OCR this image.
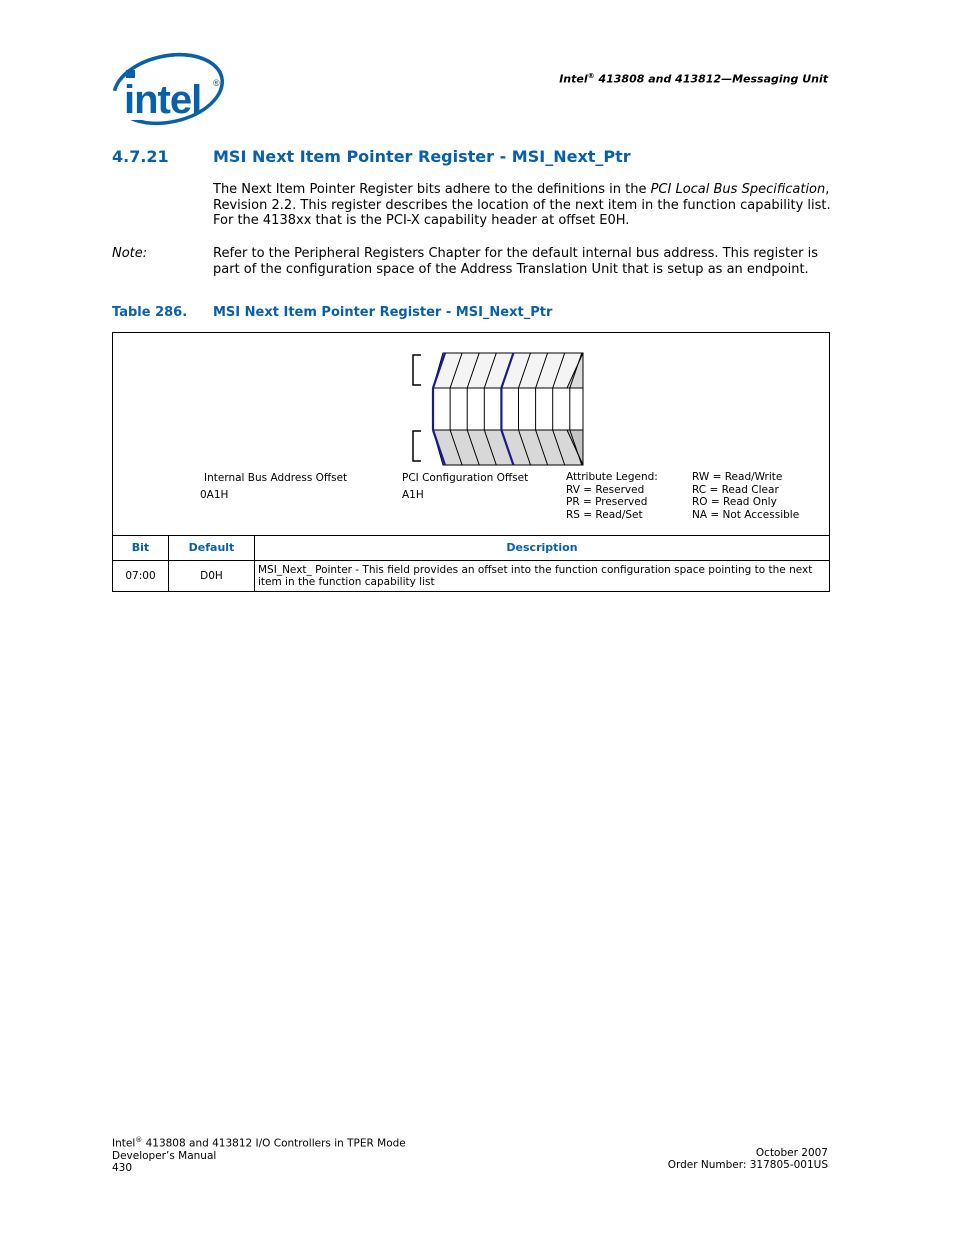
intel ®	Intel® 413808 and 413812—Messaging Unit
4.7.21	MSI Next Item Pointer Register - MSI_Next_Ptr
The Next Item Pointer Register bits adhere to the definitions in the PCI Local Bus Specification, Revision 2.2. This register describes the location of the next item in the function capability list. For the 4138xx that is the PCI-X capability header at offset E0H.
Note:	Refer to the Peripheral Registers Chapter for the default internal bus address. This register is part of the configuration space of the Address Translation Unit that is setup as an endpoint.
Table 286. MSI Next Item Pointer Register - MSI_Next_Ptr
Internal Bus Address Offset
0A1H
PCI Configuration Offset
A1H
Attribute Legend:
RV = Reserved
PR = Preserved
RS = Read/Set
RW = Read/Write
RC = Read Clear
RO = Read Only
NA = Not Accessible
Bit	Default	Description
07:00	D0H	MSI_Next_ Pointer - This field provides an offset into the function configuration space pointing to the next item in the function capability list
Intel® 413808 and 413812 I/O Controllers in TPER Mode
Developer’s Manual
430
October 2007
Order Number: 317805-001US
